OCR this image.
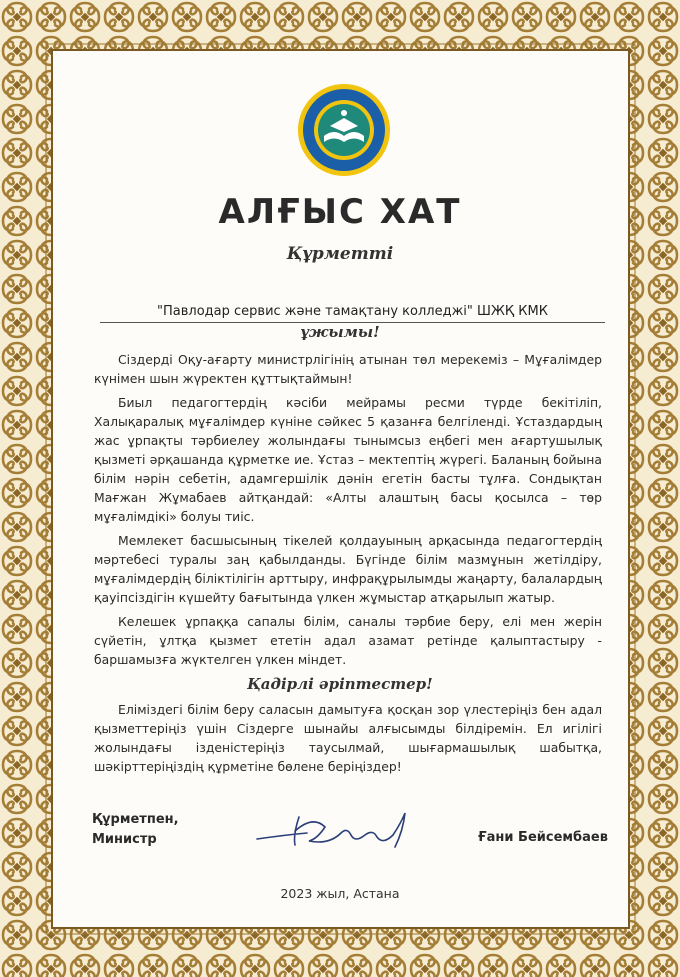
АЛҒЫС ХАТ
Құрметті
"Павлодар сервис және тамақтану колледжі" ШЖҚ КМК
ұжымы!

Сіздерді Оқу-ағарту министрлігінің атынан төл мерекеміз – Мұғалімдер күнімен шын жүректен құттықтаймын!

Биыл педагогтердің кәсіби мейрамы ресми түрде бекітіліп, Халықаралық мұғалімдер күніне сәйкес 5 қазанға белгіленді. Ұстаздардың жас ұрпақты тәрбиелеу жолындағы тынымсыз еңбегі мен ағартушылық қызметі әрқашанда құрметке ие. Ұстаз – мектептің жүрегі. Баланың бойына білім нәрін себетін, адамгершілік дәнін егетін басты тұлға. Сондықтан Мағжан Жұмабаев айтқандай: «Алты алаштың басы қосылса – төр мұғалімдікі» болуы тиіс.

Мемлекет басшысының тікелей қолдауының арқасында педагогтердің мәртебесі туралы заң қабылданды. Бүгінде білім мазмұнын жетілдіру, мұғалімдердің біліктілігін арттыру, инфрақұрылымды жаңарту, балалардың қауіпсіздігін күшейту бағытында үлкен жұмыстар атқарылып жатыр.

Келешек ұрпаққа сапалы білім, саналы тәрбие беру, елі мен жерін сүйетін, ұлтқа қызмет ететін адал азамат ретінде қалыптастыру - баршамызға жүктелген үлкен міндет.

Қадірлі әріптестер!

Еліміздегі білім беру саласын дамытуға қосқан зор үлестеріңіз бен адал қызметтеріңіз үшін Сіздерге шынайы алғысымды білдіремін. Ел игілігі жолындағы ізденістеріңіз таусылмай, шығармашылық шабытқа, шәкірттеріңіздің құрметіне бөлене беріңіздер!

Құрметпен,
Министр	Ғани Бейсембаев
2023 жыл, Астана
